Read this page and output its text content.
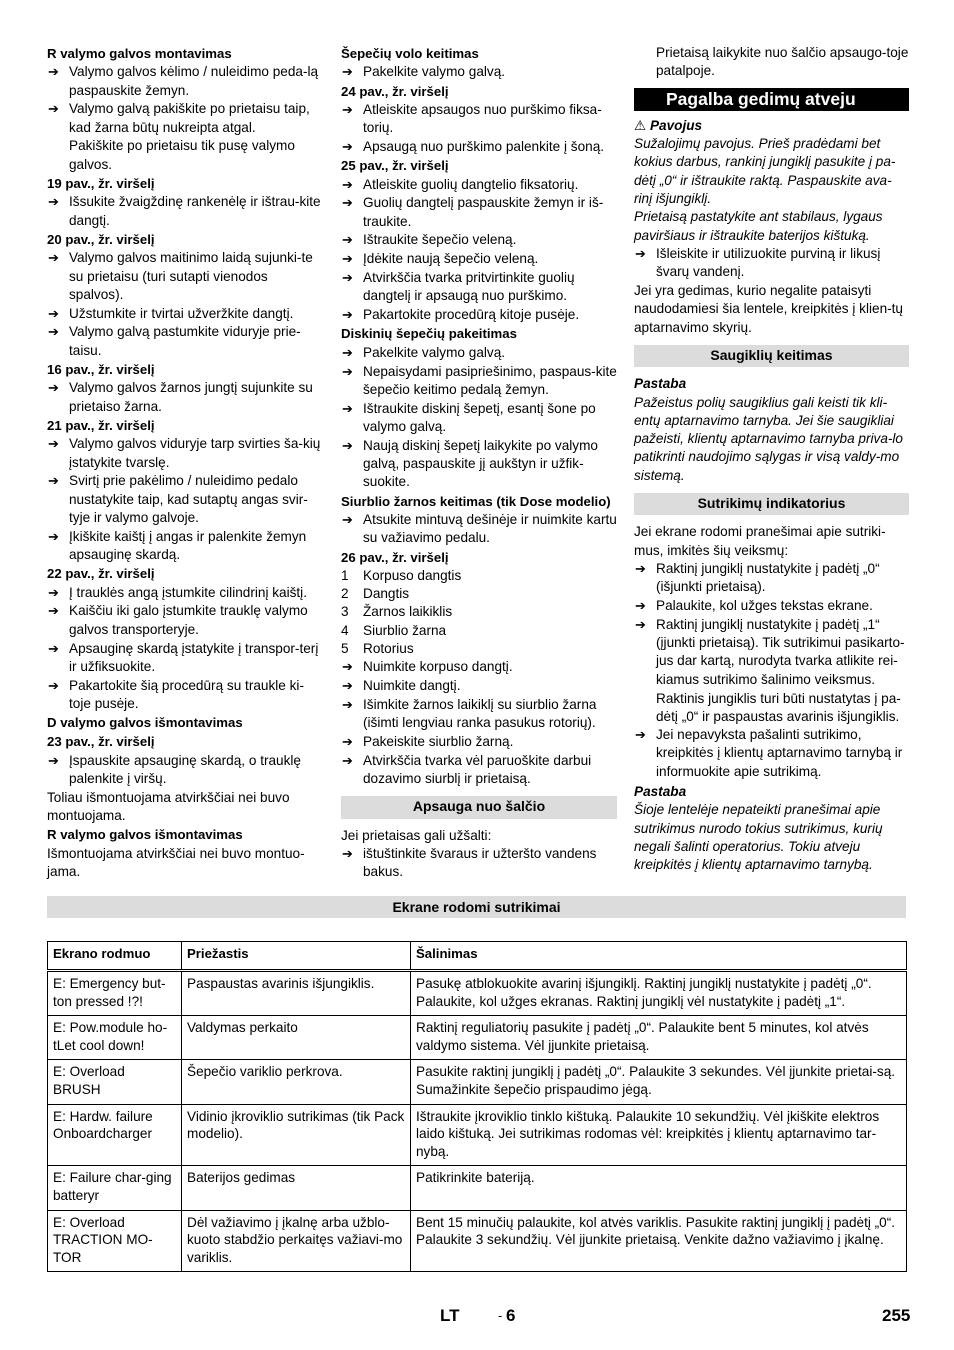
R valymo galvos montavimas
➔ Valymo galvos kėlimo / nuleidimo peda-lą paspauskite žemyn.
➔ Valymo galvą pakiškite po prietaisu taip, kad žarna būtų nukreipta atgal.
Pakiškite po prietaisu tik pusę valymo galvos.
19 pav., žr. viršelį
➔ Išsukite žvaigždinę rankenėlę ir ištrau-kite dangtį.
20 pav., žr. viršelį
➔ Valymo galvos maitinimo laidą sujunki-te su prietaisu (turi sutapti vienodos spalvos).
➔ Užstumkite ir tvirtai užveržkite dangtį.
➔ Valymo galvą pastumkite viduryje prie-taisu.
16 pav., žr. viršelį
➔ Valymo galvos žarnos jungtį sujunkite su prietaiso žarna.
21 pav., žr. viršelį
➔ Valymo galvos viduryje tarp svirties ša-kių įstatykite tvarslę.
➔ Svirtį prie pakėlimo / nuleidimo pedalo nustatykite taip, kad sutaptų angas svir-tyje ir valymo galvoje.
➔ Įkiškite kaištį į angas ir palenkite žemyn apsauginę skardą.
22 pav., žr. viršelį
➔ Į trauklės angą įstumkite cilindrinį kaištį.
➔ Kaiščiu iki galo įstumkite trauklę valymo galvos transporteryje.
➔ Apsauginę skardą įstatykite į transpor-terį ir užfiksuokite.
➔ Pakartokite šią procedūrą su traukle ki-toje pusėje.
D valymo galvos išmontavimas
23 pav., žr. viršelį
➔ Įspauskite apsauginę skardą, o trauklę palenkite į viršų.
Toliau išmontuojama atvirkščiai nei buvo montuojama.
R valymo galvos išmontavimas
Išmontuojama atvirkščiai nei buvo montuo-jama.
Šepečių volo keitimas
➔ Pakelkite valymo galvą.
24 pav., žr. viršelį
➔ Atleiskite apsaugos nuo purškimo fiksa-torių.
➔ Apsaugą nuo purškimo palenkite į šoną.
25 pav., žr. viršelį
➔ Atleiskite guolių dangtelio fiksatorių.
➔ Guolių dangtelį paspauskite žemyn ir iš-traukite.
➔ Ištraukite šepečio veleną.
➔ Įdėkite naują šepečio veleną.
➔ Atvirkščia tvarka pritvirtinkite guolių dangtelį ir apsaugą nuo purškimo.
➔ Pakartokite procedūrą kitoje pusėje.
Diskinių šepečių pakeitimas
➔ Pakelkite valymo galvą.
➔ Nepaisydami pasipriešinimo, paspaus-kite šepečio keitimo pedalą žemyn.
➔ Ištraukite diskinį šepetį, esantį šone po valymo galvą.
➔ Naują diskinį šepetį laikykite po valymo galvą, paspauskite jį aukštyn ir užfik-suokite.
Siurblio žarnos keitimas (tik Dose modelio)
➔ Atsukite mintuvą dešinėje ir nuimkite kartu su važiavimo pedalu.
26 pav., žr. viršelį
1 Korpuso dangtis
2 Dangtis
3 Žarnos laikiklis
4 Siurblio žarna
5 Rotorius
➔ Nuimkite korpuso dangtį.
➔ Nuimkite dangtį.
➔ Išimkite žarnos laikiklį su siurblio žarna (išimti lengviau ranka pasukus rotorių).
➔ Pakeiskite siurblio žarną.
➔ Atvirkščia tvarka vėl paruoškite darbui dozavimo siurblį ir prietaisą.
Apsauga nuo šalčio
Jei prietaisas gali užšalti:
➔ ištuštinkite švaraus ir užteršto vandens bakus.
Prietaisą laikykite nuo šalčio apsaugo-toje patalpoje.
Pagalba gedimų atveju
⚠ Pavojus
Sužalojimų pavojus. Prieš pradėdami bet kokius darbus, rankinį jungiklį pasukite į pa-dėtį „0“ ir ištraukite raktą. Paspauskite ava-rinį išjungiklį.
Prietaisą pastatykite ant stabilaus, lygaus paviršiaus ir ištraukite baterijos kištuką.
➔ Išleiskite ir utilizuokite purviną ir likusį švarų vandenį.
Jei yra gedimas, kurio negalite pataisyti naudodamiesi šia lentele, kreipkitės į klien-tų aptarnavimo skyrių.
Saugiklių keitimas
Pastaba
Pažeistus polių saugiklius gali keisti tik kli-entų aptarnavimo tarnyba. Jei šie saugikliai pažeisti, klientų aptarnavimo tarnyba priva-lo patikrinti naudojimo sąlygas ir visą valdy-mo sistemą.
Sutrikimų indikatorius
Jei ekrane rodomi pranešimai apie sutriki-mus, imkitės šių veiksmų:
➔ Raktinį jungiklį nustatykite į padėtį „0“ (išjunkti prietaisą).
➔ Palaukite, kol užges tekstas ekrane.
➔ Raktinį jungiklį nustatykite į padėtį „1“ (įjunkti prietaisą). Tik sutrikimui pasikarto-jus dar kartą, nurodyta tvarka atlikite rei-kiamus sutrikimo šalinimo veiksmus.
Raktinis jungiklis turi būti nustatytas į pa-dėtį „0“ ir paspaustas avarinis išjungiklis.
➔ Jei nepavyksta pašalinti sutrikimo, kreipkitės į klientų aptarnavimo tarnybą ir informuokite apie sutrikimą.
Pastaba
Šioje lentelėje nepateikti pranešimai apie sutrikimus nurodo tokius sutrikimus, kurių negali šalinti operatorius. Tokiu atveju kreipkitės į klientų aptarnavimo tarnybą.
Ekrane rodomi sutrikimai
Ekrano rodmuo	Priežastis	Šalinimas
E: Emergency but-ton pressed !?!	Paspaustas avarinis išjungiklis.	Pasukę atblokuokite avarinį išjungiklį. Raktinį jungiklį nustatykite į padėtį „0“. Palaukite, kol užges ekranas. Raktinį jungiklį vėl nustatykite į padėtį „1“.
E: Pow.module ho-tLet cool down!	Valdymas perkaito	Raktinį reguliatorių pasukite į padėtį „0“. Palaukite bent 5 minutes, kol atvės valdymo sistema. Vėl įjunkite prietaisą.
E: Overload BRUSH	Šepečio variklio perkrova.	Pasukite raktinį jungiklį į padėtį „0“. Palaukite 3 sekundes. Vėl įjunkite prietai-są. Sumažinkite šepečio prispaudimo jėgą.
E: Hardw. failure Onboardcharger	Vidinio įkroviklio sutrikimas (tik Pack modelio).	Ištraukite įkroviklio tinklo kištuką. Palaukite 10 sekundžių. Vėl įkiškite elektros laido kištuką. Jei sutrikimas rodomas vėl: kreipkitės į klientų aptarnavimo tar-nybą.
E: Failure char-ging batteryr	Baterijos gedimas	Patikrinkite bateriją.
E: Overload TRACTION MO-TOR	Dėl važiavimo į įkalnę arba užblo-kuoto stabdžio perkaitęs važiavi-mo variklis.	Bent 15 minučių palaukite, kol atvės variklis. Pasukite raktinį jungiklį į padėtį „0“. Palaukite 3 sekundžių. Vėl įjunkite prietaisą. Venkite dažno važiavimo į įkalnę.
LT	- 6	255
